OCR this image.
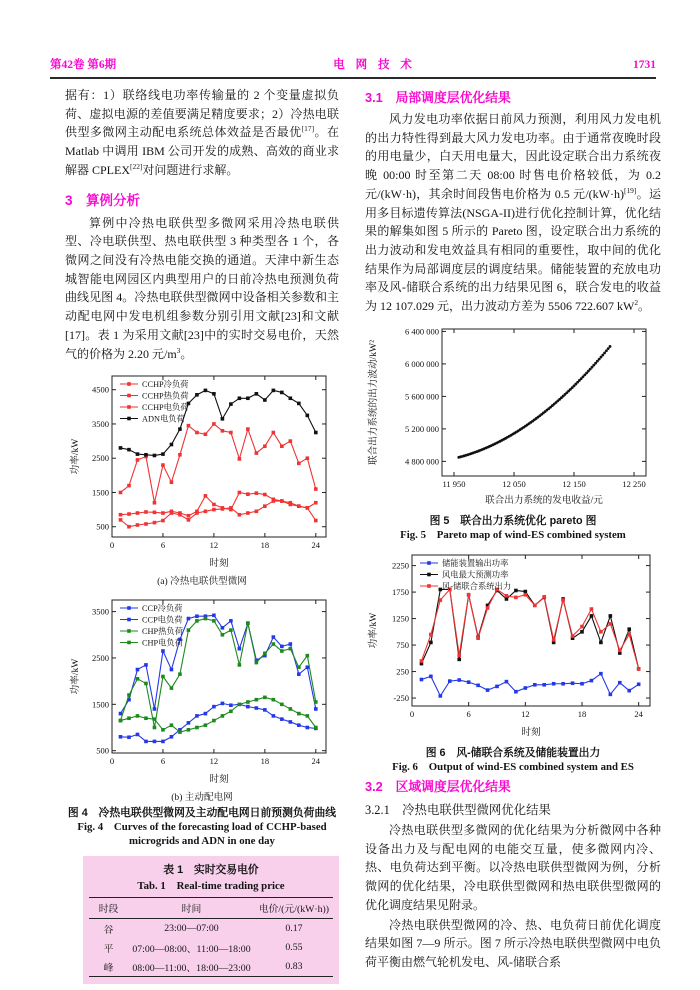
第42卷 第6期	电 网 技 术	1731

据有：1）联络线电功率传输量的 2 个变量虚拟负荷、虚拟电源的差值要满足精度要求；2）冷热电联供型多微网主动配电系统总体效益是否最优[17]。在 Matlab 中调用 IBM 公司开发的成熟、高效的商业求解器 CPLEX[22]对问题进行求解。

3　算例分析

算例中冷热电联供型多微网采用冷热电联供型、冷电联供型、热电联供型 3 种类型各 1 个，各微网之间没有冷热电能交换的通道。天津中新生态城智能电网园区内典型用户的日前冷热电预测负荷曲线见图 4。冷热电联供型微网中设备相关参数和主动配电网中发电机组参数分别引用文献[23]和文献[17]。表 1 为采用文献[23]中的实时交易电价，天然气的价格为 2.20 元$/m^3$。

0	6	12	18	24
500
1500
2500
3500
4500
时刻
功率/kW
CCHP冷负荷
CCHP热负荷
CCHP电负荷
ADN电负荷
(a) 冷热电联供型微网
0	6	12	18	24
500
1500
2500
3500
时刻
功率/kW
CCP冷负荷
CCP电负荷
CHP热负荷
CHP电负荷
(b) 主动配电网
图 4　冷热电联供型微网及主动配电网日前预测负荷曲线
Fig. 4　Curves of the forecasting load of CCHP-based microgrids and ADN in one day
表 1　实时交易电价
Tab. 1　Real-time trading price
时段	时间	电价/(元/(kW·h))
谷	23:00—07:00	0.17
平	07:00—08:00、11:00—18:00	0.55
峰	08:00—11:00、18:00—23:00	0.83
3.1　局部调度层优化结果

风力发电功率依据日前风力预测，利用风力发电机的出力特性得到最大风力发电功率。由于通常夜晚时段的用电量少，白天用电量大，因此设定联合出力系统夜晚 00:00 时至第二天 08:00 时售电价格较低，为 0.2 元/(kW·h)，其余时间段售电价格为 0.5 元/(kW·h)[19]。运用多目标遗传算法(NSGA-II)进行优化控制计算，优化结果的解集如图 5 所示的 Pareto 图，设定联合出力系统的出力波动和发电效益具有相同的重要性，取中间的优化结果作为局部调度层的调度结果。储能装置的充放电功率及风-储联合系统的出力结果见图 6，联合发电的收益为 12 107.029 元，出力波动方差为 5506 722.607 $kW^2$。

11 950	12 050	12 150	12 250
4 800 000
5 200 000
5 600 000
6 000 000
6 400 000
联合出力系统的发电收益/元
联合出力系统的出力波动/kW²
图 5　联合出力系统优化 pareto 图
Fig. 5　Pareto map of wind-ES combined system
0	6	12	18	24
-250
250
750
1250
1750
2250
时刻
功率/kW
储能装置输出功率
风电最大预测功率
风-储联合系统出力
图 6　风-储联合系统及储能装置出力
Fig. 6　Output of wind-ES combined system and ES
3.2　区域调度层优化结果
3.2.1　冷热电联供型微网优化结果

冷热电联供型多微网的优化结果为分析微网中各种设备出力及与配电网的电能交互量，使多微网内冷、热、电负荷达到平衡。以冷热电联供型微网为例，分析微网的优化结果，冷电联供型微网和热电联供型微网的优化调度结果见附录。

冷热电联供型微网的冷、热、电负荷日前优化调度结果如图 7—9 所示。图 7 所示冷热电联供型微网中电负荷平衡由燃气轮机发电、风-储联合系
